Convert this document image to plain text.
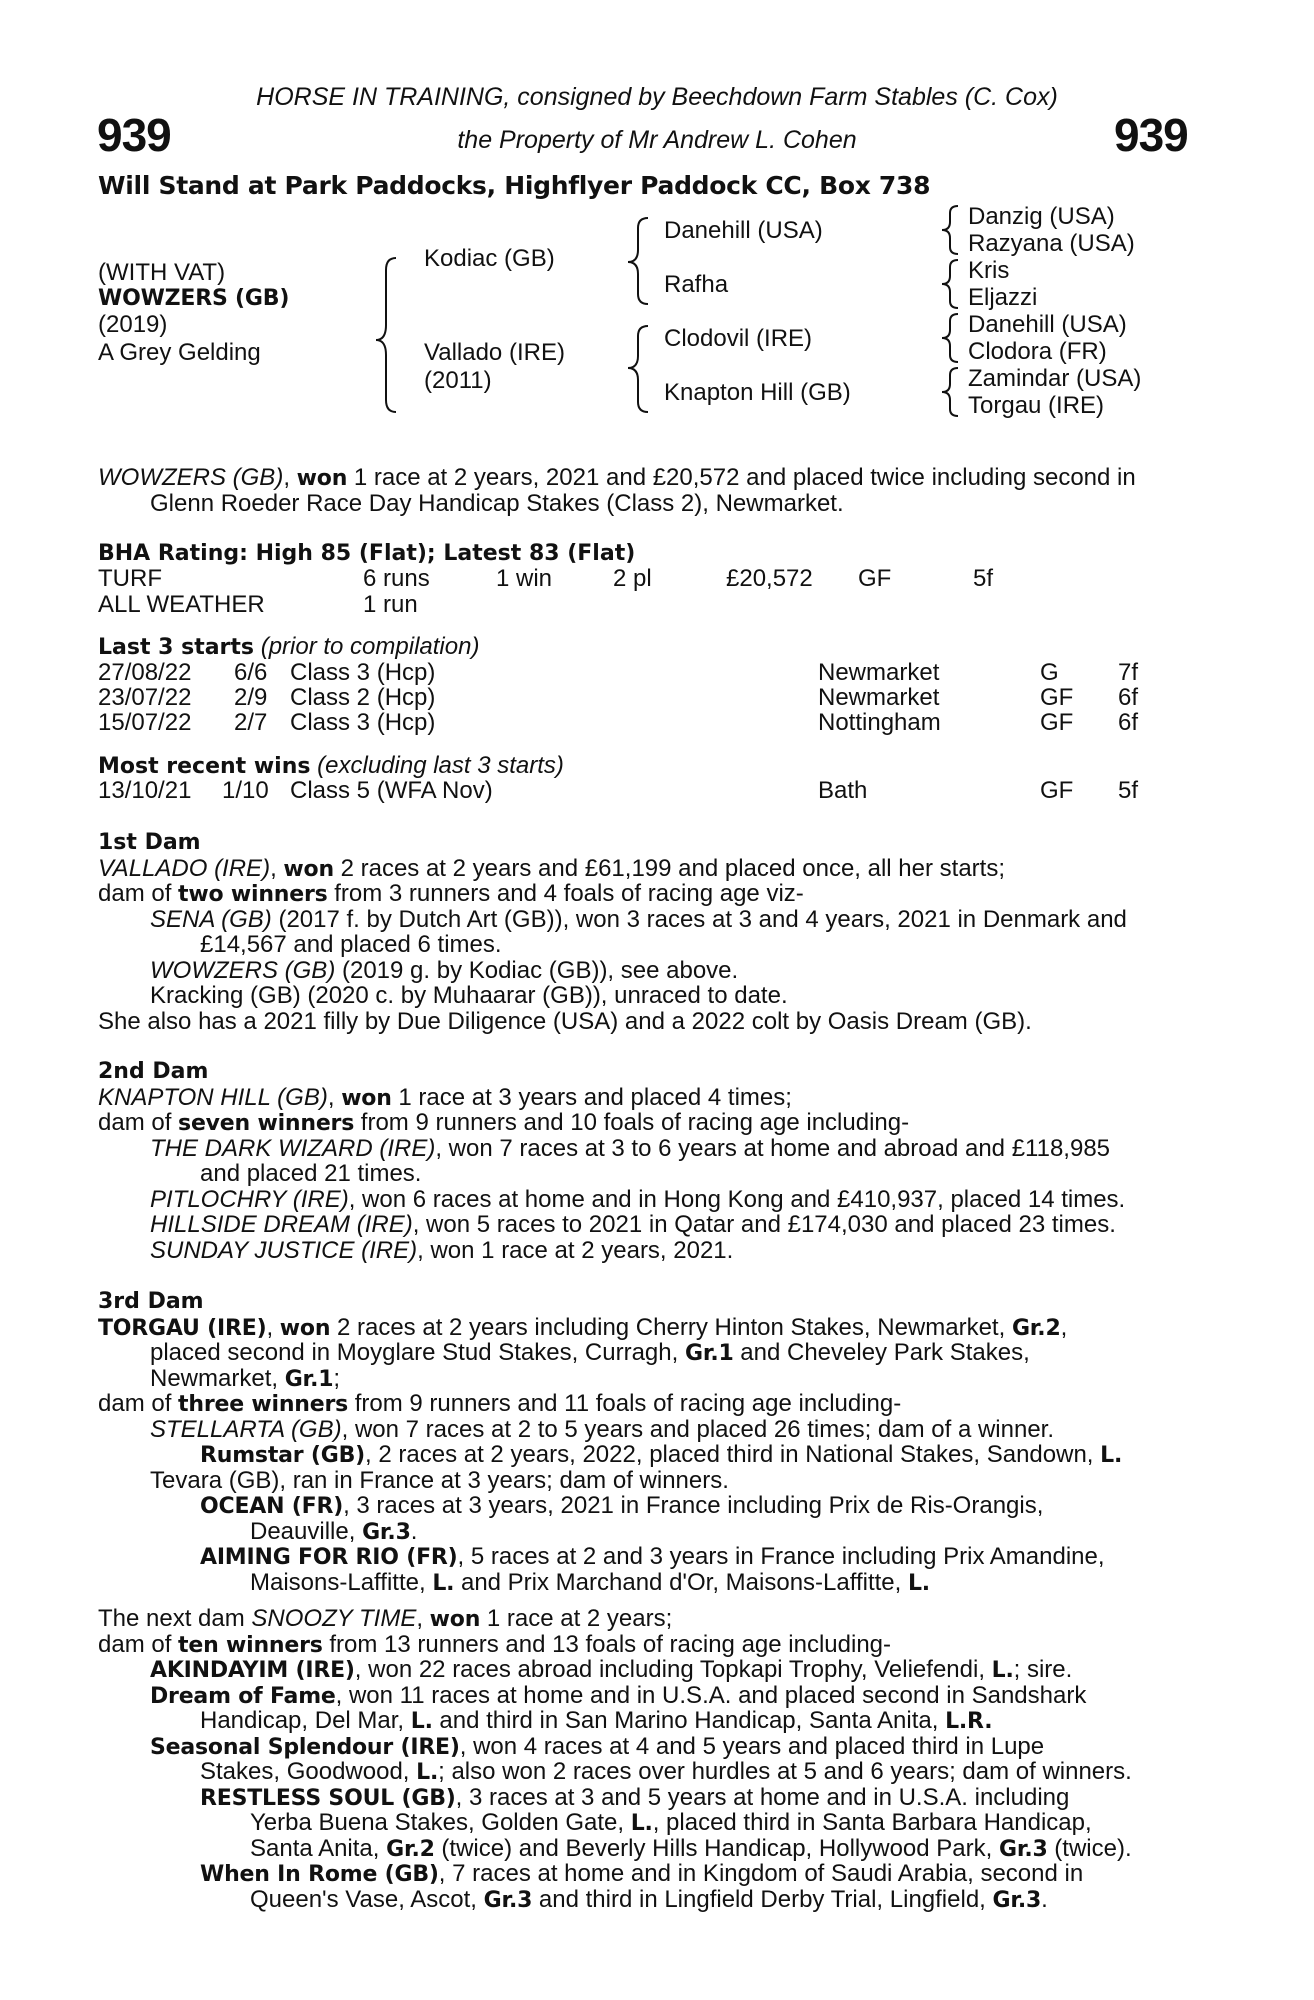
939	939
HORSE IN TRAINING, consigned by Beechdown Farm Stables (C. Cox)
the Property of Mr Andrew L. Cohen
Will Stand at Park Paddocks, Highflyer Paddock CC, Box 738
(WITH VAT)
WOWZERS (GB)
(2019)
A Grey Gelding
Kodiac (GB)
Vallado (IRE)
(2011)
Danehill (USA)
Rafha
Clodovil (IRE)
Knapton Hill (GB)
Danzig (USA)
Razyana (USA)
Kris
Eljazzi
Danehill (USA)
Clodora (FR)
Zamindar (USA)
Torgau (IRE)
WOWZERS (GB), won 1 race at 2 years, 2021 and £20,572 and placed twice including second in
Glenn Roeder Race Day Handicap Stakes (Class 2), Newmarket.
BHA Rating: High 85 (Flat); Latest 83 (Flat)
TURF	6 runs	1 win	2 pl	£20,572 GF	5f
ALL WEATHER	1 run
Last 3 starts (prior to compilation)
27/08/22 6/6 Class 3 (Hcp)	Newmarket	G 7f
23/07/22 2/9 Class 2 (Hcp)	Newmarket	GF 6f
15/07/22 2/7 Class 3 (Hcp)	Nottingham	GF 6f
Most recent wins (excluding last 3 starts)
13/10/21 1/10 Class 5 (WFA Nov)	Bath	GF 5f
1st Dam
VALLADO (IRE), won 2 races at 2 years and £61,199 and placed once, all her starts;
dam of two winners from 3 runners and 4 foals of racing age viz-
SENA (GB) (2017 f. by Dutch Art (GB)), won 3 races at 3 and 4 years, 2021 in Denmark and
£14,567 and placed 6 times.
WOWZERS (GB) (2019 g. by Kodiac (GB)), see above.
Kracking (GB) (2020 c. by Muhaarar (GB)), unraced to date.
She also has a 2021 filly by Due Diligence (USA) and a 2022 colt by Oasis Dream (GB).
2nd Dam
KNAPTON HILL (GB), won 1 race at 3 years and placed 4 times;
dam of seven winners from 9 runners and 10 foals of racing age including-
THE DARK WIZARD (IRE), won 7 races at 3 to 6 years at home and abroad and £118,985
and placed 21 times.
PITLOCHRY (IRE), won 6 races at home and in Hong Kong and £410,937, placed 14 times.
HILLSIDE DREAM (IRE), won 5 races to 2021 in Qatar and £174,030 and placed 23 times.
SUNDAY JUSTICE (IRE), won 1 race at 2 years, 2021.
3rd Dam
TORGAU (IRE), won 2 races at 2 years including Cherry Hinton Stakes, Newmarket, Gr.2,
placed second in Moyglare Stud Stakes, Curragh, Gr.1 and Cheveley Park Stakes,
Newmarket, Gr.1;
dam of three winners from 9 runners and 11 foals of racing age including-
STELLARTA (GB), won 7 races at 2 to 5 years and placed 26 times; dam of a winner.
Rumstar (GB), 2 races at 2 years, 2022, placed third in National Stakes, Sandown, L.
Tevara (GB), ran in France at 3 years; dam of winners.
OCEAN (FR), 3 races at 3 years, 2021 in France including Prix de Ris-Orangis,
Deauville, Gr.3.
AIMING FOR RIO (FR), 5 races at 2 and 3 years in France including Prix Amandine,
Maisons-Laffitte, L. and Prix Marchand d'Or, Maisons-Laffitte, L.
The next dam SNOOZY TIME, won 1 race at 2 years;
dam of ten winners from 13 runners and 13 foals of racing age including-
AKINDAYIM (IRE), won 22 races abroad including Topkapi Trophy, Veliefendi, L.; sire.
Dream of Fame, won 11 races at home and in U.S.A. and placed second in Sandshark
Handicap, Del Mar, L. and third in San Marino Handicap, Santa Anita, L.R.
Seasonal Splendour (IRE), won 4 races at 4 and 5 years and placed third in Lupe
Stakes, Goodwood, L.; also won 2 races over hurdles at 5 and 6 years; dam of winners.
RESTLESS SOUL (GB), 3 races at 3 and 5 years at home and in U.S.A. including
Yerba Buena Stakes, Golden Gate, L., placed third in Santa Barbara Handicap,
Santa Anita, Gr.2 (twice) and Beverly Hills Handicap, Hollywood Park, Gr.3 (twice).
When In Rome (GB), 7 races at home and in Kingdom of Saudi Arabia, second in
Queen's Vase, Ascot, Gr.3 and third in Lingfield Derby Trial, Lingfield, Gr.3.
